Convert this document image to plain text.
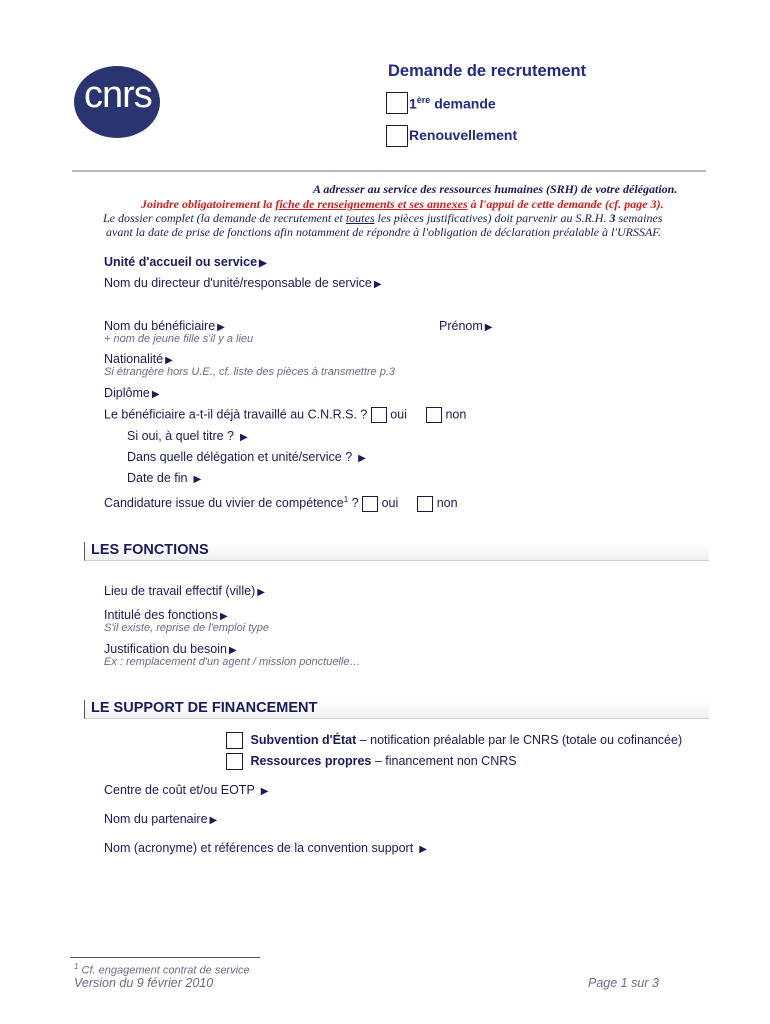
cnrs
Demande de recrutement
1ère demande
Renouvellement
A adresser au service des ressources humaines (SRH) de votre délégation.
Joindre obligatoirement la fiche de renseignements et ses annexes à l'appui de cette demande (cf. page 3).
Le dossier complet (la demande de recrutement et toutes les pièces justificatives) doit parvenir au S.R.H. 3 semaines
avant la date de prise de fonctions afin notamment de répondre à l'obligation de déclaration préalable à l'URSSAF.
Unité d'accueil ou service ▶
Nom du directeur d'unité/responsable de service ▶
Nom du bénéficiaire ▶	Prénom ▶
+ nom de jeune fille s'il y a lieu
Nationalité ▶
Si étrangère hors U.E., cf. liste des pièces à transmettre p.3
Diplôme ▶
Le bénéficiaire a-t-il déjà travaillé au C.N.R.S. ? oui	non
Si oui, à quel titre ? ▶
Dans quelle délégation et unité/service ? ▶
Date de fin ▶
Candidature issue du vivier de compétence$^1$ ? oui	non
LES FONCTIONS
Lieu de travail effectif (ville) ▶
Intitulé des fonctions ▶
S'il existe, reprise de l'emploi type
Justification du besoin ▶
Ex : remplacement d'un agent / mission ponctuelle…
LE SUPPORT DE FINANCEMENT
Subvention d'État – notification préalable par le CNRS (totale ou cofinancée)
Ressources propres – financement non CNRS
Centre de coût et/ou EOTP ▶
Nom du partenaire ▶
Nom (acronyme) et références de la convention support ▶
$^1$ Cf. engagement contrat de service
Version du 9 février 2010	Page 1 sur 3
